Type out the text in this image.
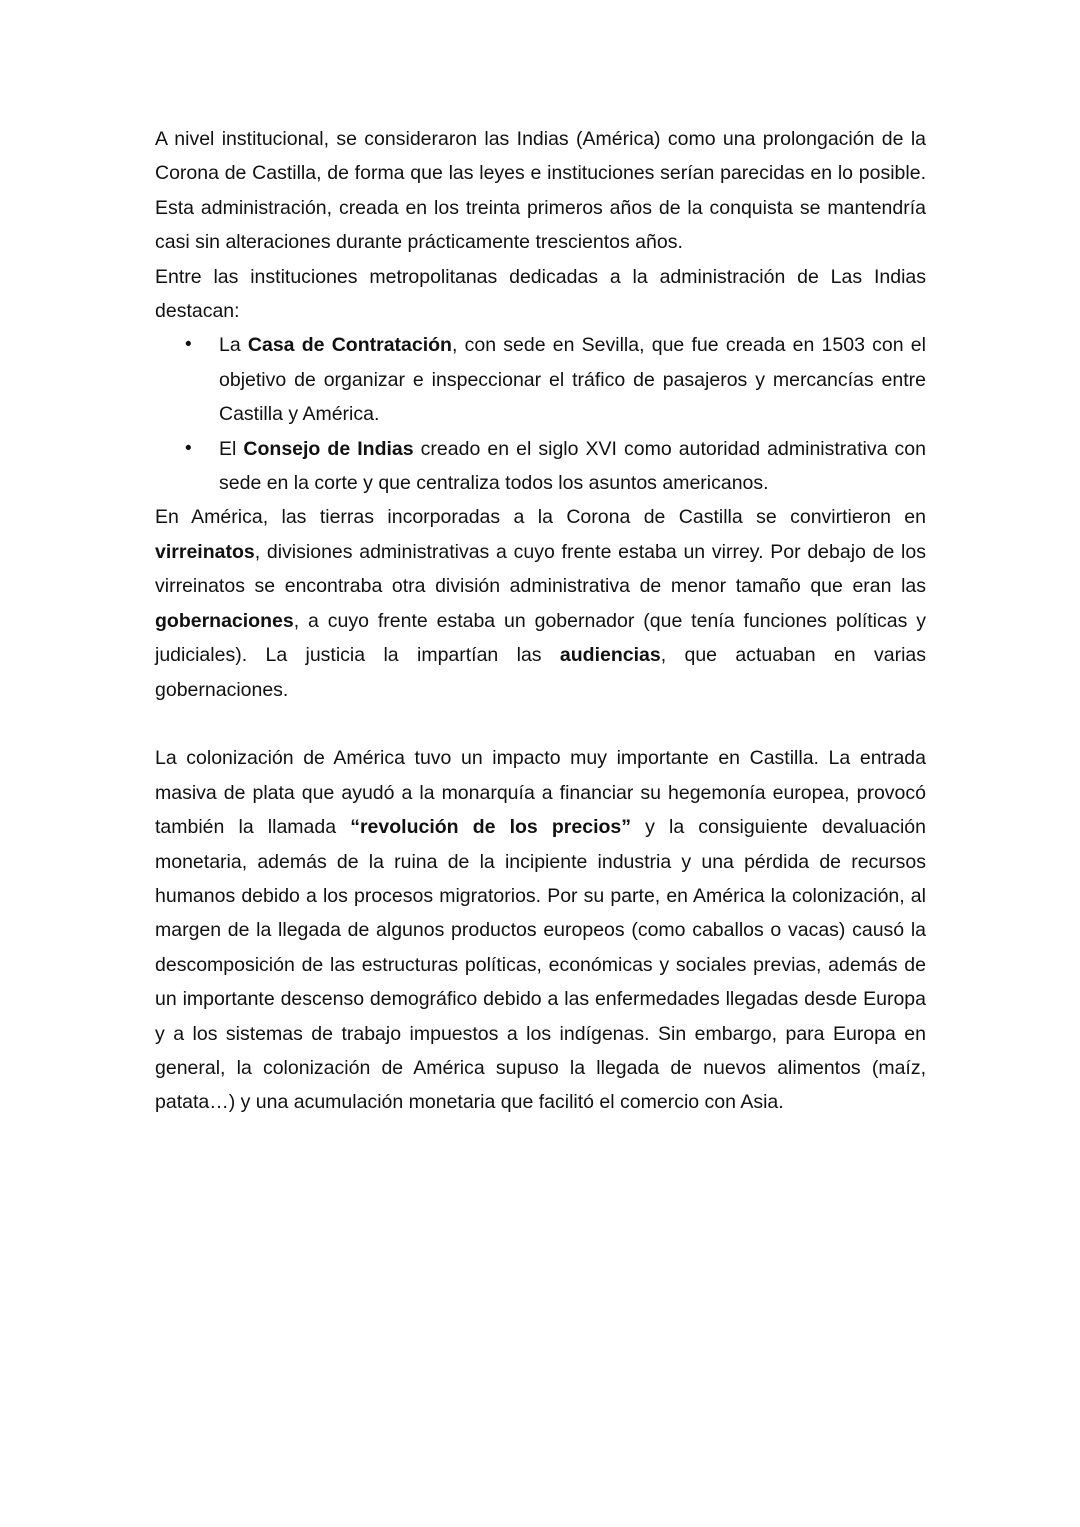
A nivel institucional, se consideraron las Indias (América) como una prolongación de la Corona de Castilla, de forma que las leyes e instituciones serían parecidas en lo posible. Esta administración, creada en los treinta primeros años de la conquista se mantendría casi sin alteraciones durante prácticamente trescientos años.

Entre las instituciones metropolitanas dedicadas a la administración de Las Indias destacan:

• La Casa de Contratación, con sede en Sevilla, que fue creada en 1503 con el objetivo de organizar e inspeccionar el tráfico de pasajeros y mercancías entre Castilla y América.
• El Consejo de Indias creado en el siglo XVI como autoridad administrativa con sede en la corte y que centraliza todos los asuntos americanos.

En América, las tierras incorporadas a la Corona de Castilla se convirtieron en virreinatos, divisiones administrativas a cuyo frente estaba un virrey. Por debajo de los virreinatos se encontraba otra división administrativa de menor tamaño que eran las gobernaciones, a cuyo frente estaba un gobernador (que tenía funciones políticas y judiciales). La justicia la impartían las audiencias, que actuaban en varias gobernaciones.

La colonización de América tuvo un impacto muy importante en Castilla. La entrada masiva de plata que ayudó a la monarquía a financiar su hegemonía europea, provocó también la llamada “revolución de los precios” y la consiguiente devaluación monetaria, además de la ruina de la incipiente industria y una pérdida de recursos humanos debido a los procesos migratorios. Por su parte, en América la colonización, al margen de la llegada de algunos productos europeos (como caballos o vacas) causó la descomposición de las estructuras políticas, económicas y sociales previas, además de un importante descenso demográfico debido a las enfermedades llegadas desde Europa y a los sistemas de trabajo impuestos a los indígenas. Sin embargo, para Europa en general, la colonización de América supuso la llegada de nuevos alimentos (maíz, patata…) y una acumulación monetaria que facilitó el comercio con Asia.
